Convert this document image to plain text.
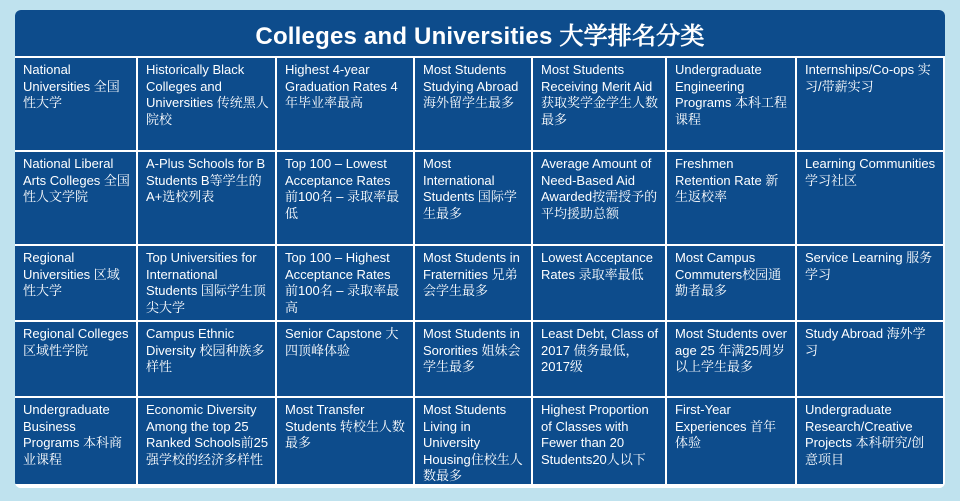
Colleges and Universities 大学排名分类
National Universities 全国性大学
Historically Black Colleges and Universities 传统黑人院校
Highest 4-year Graduation Rates 4年毕业率最高
Most Students Studying Abroad海外留学生最多
Most Students Receiving Merit Aid 获取奖学金学生人数最多
Undergraduate Engineering Programs 本科工程课程
Internships/Co-ops 实习/带薪实习
National Liberal Arts Colleges 全国性人文学院
A-Plus Schools for B Students B等学生的A+选校列表
Top 100 – Lowest Acceptance Rates 前100名 – 录取率最低
Most International Students 国际学生最多
Average Amount of Need-Based Aid Awarded按需授予的平均援助总额
Freshmen Retention Rate 新生返校率
Learning Communities 学习社区
Regional Universities 区域性大学
Top Universities for International Students 国际学生顶尖大学
Top 100 – Highest Acceptance Rates 前100名 – 录取率最高
Most Students in Fraternities 兄弟会学生最多
Lowest Acceptance Rates 录取率最低
Most Campus Commuters校园通勤者最多
Service Learning 服务学习
Regional Colleges 区域性学院
Campus Ethnic Diversity 校园种族多样性
Senior Capstone 大四顶峰体验
Most Students in Sororities 姐妹会学生最多
Least Debt, Class of 2017 债务最低，2017级
Most Students over age 25 年满25周岁以上学生最多
Study Abroad 海外学习
Undergraduate Business Programs 本科商业课程
Economic Diversity Among the top 25 Ranked Schools前25强学校的经济多样性
Most Transfer Students 转校生人数最多
Most Students Living in University Housing住校生人数最多
Highest Proportion of Classes with Fewer than 20 Students20人以下
First-Year Experiences 首年体验
Undergraduate Research/Creative Projects 本科研究/创意项目
